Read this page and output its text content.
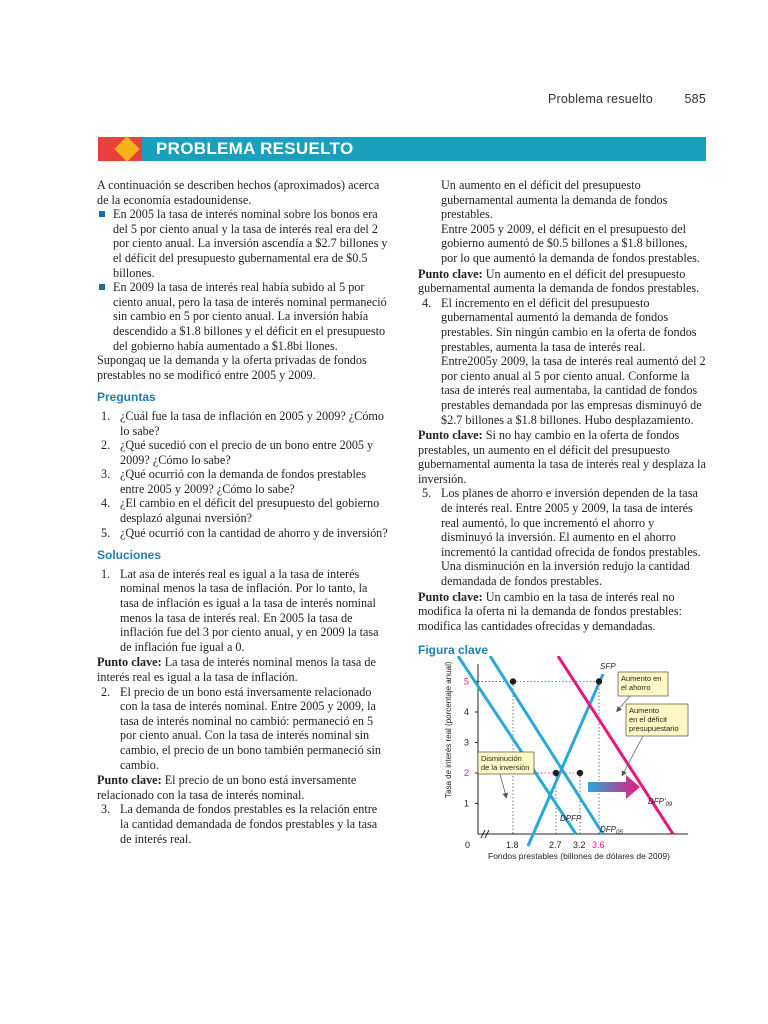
Problema resuelto	585
PROBLEMA RESUELTO

A continuación se describen hechos (aproximados) acerca de la economía estadounidense.

En 2005 la tasa de interés nominal sobre los bonos era del 5 por ciento anual y la tasa de interés real era del 2 por ciento anual. La inversión ascendía a $2.7 billones y el déficit del presupuesto gubernamental era de $0.5 billones.
En 2009 la tasa de interés real había subido al 5 por ciento anual, pero la tasa de interés nominal permaneció sin cambio en 5 por ciento anual. La inversión había descendido a $1.8 billones y el déficit en el presupuesto del gobierno había aumentado a $1.8bi llones.

Supongaq ue la demanda y la oferta privadas de fondos prestables no se modificó entre 2005 y 2009.

Preguntas
1. ¿Cuál fue la tasa de inflación en 2005 y 2009? ¿Cómo lo sabe?
2. ¿Qué sucedió con el precio de un bono entre 2005 y 2009? ¿Cómo lo sabe?
3. ¿Qué ocurrió con la demanda de fondos prestables entre 2005 y 2009? ¿Cómo lo sabe?
4. ¿El cambio en el déficit del presupuesto del gobierno desplazó algunai nversión?
5. ¿Qué ocurrió con la cantidad de ahorro y de inversión?
Soluciones
1. Lat asa de interés real es igual a la tasa de interés nominal menos la tasa de inflación. Por lo tanto, la tasa de inflación es igual a la tasa de interés nominal menos la tasa de interés real. En 2005 la tasa de inflación fue del 3 por ciento anual, y en 2009 la tasa de inflación fue igual a 0.

Punto clave: La tasa de interés nominal menos la tasa de interés real es igual a la tasa de inflación.

2. El precio de un bono está inversamente relacionado con la tasa de interés nominal. Entre 2005 y 2009, la tasa de interés nominal no cambió: permaneció en 5 por ciento anual. Con la tasa de interés nominal sin cambio, el precio de un bono también permaneció sin cambio.

Punto clave: El precio de un bono está inversamente relacionado con la tasa de interés nominal.

3. La demanda de fondos prestables es la relación entre la cantidad demandada de fondos prestables y la tasa de interés real.

Un aumento en el déficit del presupuesto gubernamental aumenta la demanda de fondos prestables.

Entre 2005 y 2009, el déficit en el presupuesto del gobierno aumentó de $0.5 billones a $1.8 billones, por lo que aumentó la demanda de fondos prestables.

Punto clave: Un aumento en el déficit del presupuesto gubernamental aumenta la demanda de fondos prestables.

4. El incremento en el déficit del presupuesto gubernamental aumentó la demanda de fondos prestables. Sin ningún cambio en la oferta de fondos prestables, aumenta la tasa de interés real.

Entre2005y 2009, la tasa de interés real aumentó del 2 por ciento anual al 5 por ciento anual. Conforme la tasa de interés real aumentaba, la cantidad de fondos prestables demandada por las empresas disminuyó de $2.7 billones a $1.8 billones. Hubo desplazamiento.

Punto clave: Si no hay cambio en la oferta de fondos prestables, un aumento en el déficit del presupuesto gubernamental aumenta la tasa de interés real y desplaza la inversión.

5. Los planes de ahorro e inversión dependen de la tasa de interés real. Entre 2005 y 2009, la tasa de interés real aumentó, lo que incrementó el ahorro y disminuyó la inversión. El aumento en el ahorro incrementó la cantidad ofrecida de fondos prestables. Una disminución en la inversión redujo la cantidad demandada de fondos prestables.

Punto clave: Un cambio en la tasa de interés real no modifica la oferta ni la demanda de fondos prestables: modifica las cantidades ofrecidas y demandadas.

Figura clave
Tasa de interés real (porcentaje anual)
0
1
2
3
4
5
1.8	2.7 3.2 3.6
SFP
DPFP
$DFP_{05}$
$DFP'_{09}$
Aumento en el ahorro
Aumento en el déficit presupuestario
Disminución de la inversión
Fondos prestables (billones de dólares de 2009)
